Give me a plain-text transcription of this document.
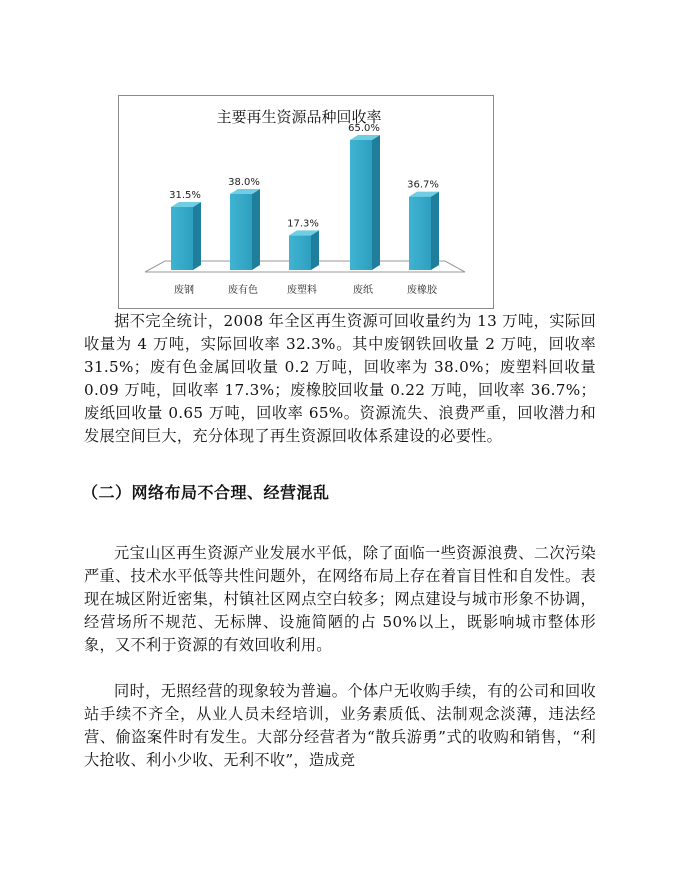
主要再生资源品种回收率
31.5%
废钢
38.0%
废有色
17.3%
废塑料
65.0%
废纸
36.7%
废橡胶

据不完全统计，2008 年全区再生资源可回收量约为 13 万吨，实际回收量为 4 万吨，实际回收率 32.3%。其中废钢铁回收量 2 万吨，回收率 31.5%；废有色金属回收量 0.2 万吨，回收率为 38.0%；废塑料回收量 0.09 万吨，回收率 17.3%；废橡胶回收量 0.22 万吨，回收率 36.7%；废纸回收量 0.65 万吨，回收率 65%。资源流失、浪费严重，回收潜力和发展空间巨大，充分体现了再生资源回收体系建设的必要性。

（二）网络布局不合理、经营混乱

元宝山区再生资源产业发展水平低，除了面临一些资源浪费、二次污染严重、技术水平低等共性问题外，在网络布局上存在着盲目性和自发性。表现在城区附近密集，村镇社区网点空白较多；网点建设与城市形象不协调，经营场所不规范、无标牌、设施简陋的占 50%以上，既影响城市整体形象，又不利于资源的有效回收利用。

同时，无照经营的现象较为普遍。个体户无收购手续，有的公司和回收站手续不齐全，从业人员未经培训，业务素质低、法制观念淡薄，违法经营、偷盗案件时有发生。大部分经营者为“散兵游勇”式的收购和销售，“利大抢收、利小少收、无利不收”，造成竞
